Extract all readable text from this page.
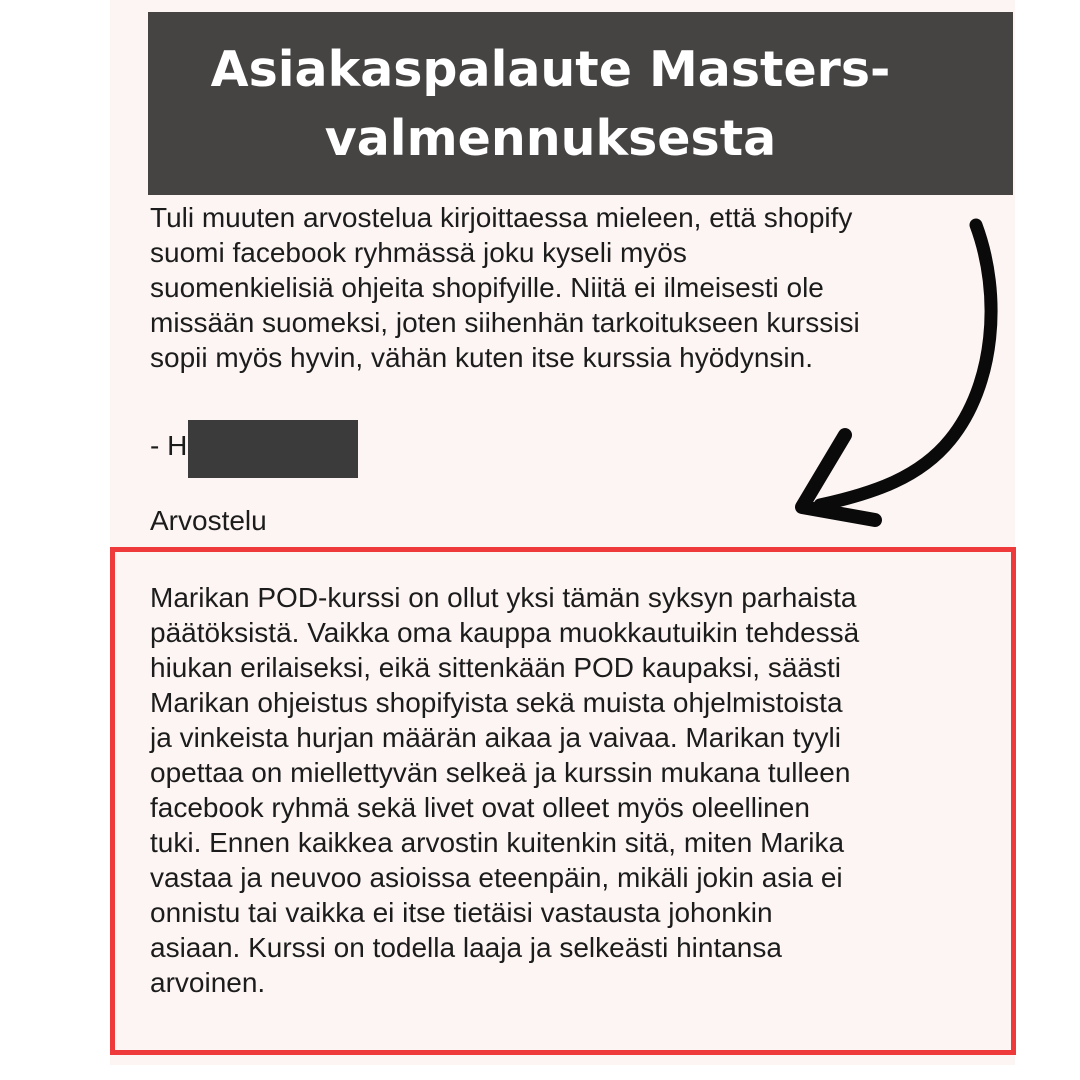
Asiakaspalaute Masters-
valmennuksesta

Tuli muuten arvostelua kirjoittaessa mieleen, että shopify
suomi facebook ryhmässä joku kyseli myös
suomenkielisiä ohjeita shopifyille. Niitä ei ilmeisesti ole
missään suomeksi, joten siihenhän tarkoitukseen kurssisi
sopii myös hyvin, vähän kuten itse kurssia hyödynsin.

- H
Arvostelu

Marikan POD-kurssi on ollut yksi tämän syksyn parhaista
päätöksistä. Vaikka oma kauppa muokkautuikin tehdessä
hiukan erilaiseksi, eikä sittenkään POD kaupaksi, säästi
Marikan ohjeistus shopifyista sekä muista ohjelmistoista
ja vinkeista hurjan määrän aikaa ja vaivaa. Marikan tyyli
opettaa on miellettyvän selkeä ja kurssin mukana tulleen
facebook ryhmä sekä livet ovat olleet myös oleellinen
tuki. Ennen kaikkea arvostin kuitenkin sitä, miten Marika
vastaa ja neuvoo asioissa eteenpäin, mikäli jokin asia ei
onnistu tai vaikka ei itse tietäisi vastausta johonkin
asiaan. Kurssi on todella laaja ja selkeästi hintansa
arvoinen.
